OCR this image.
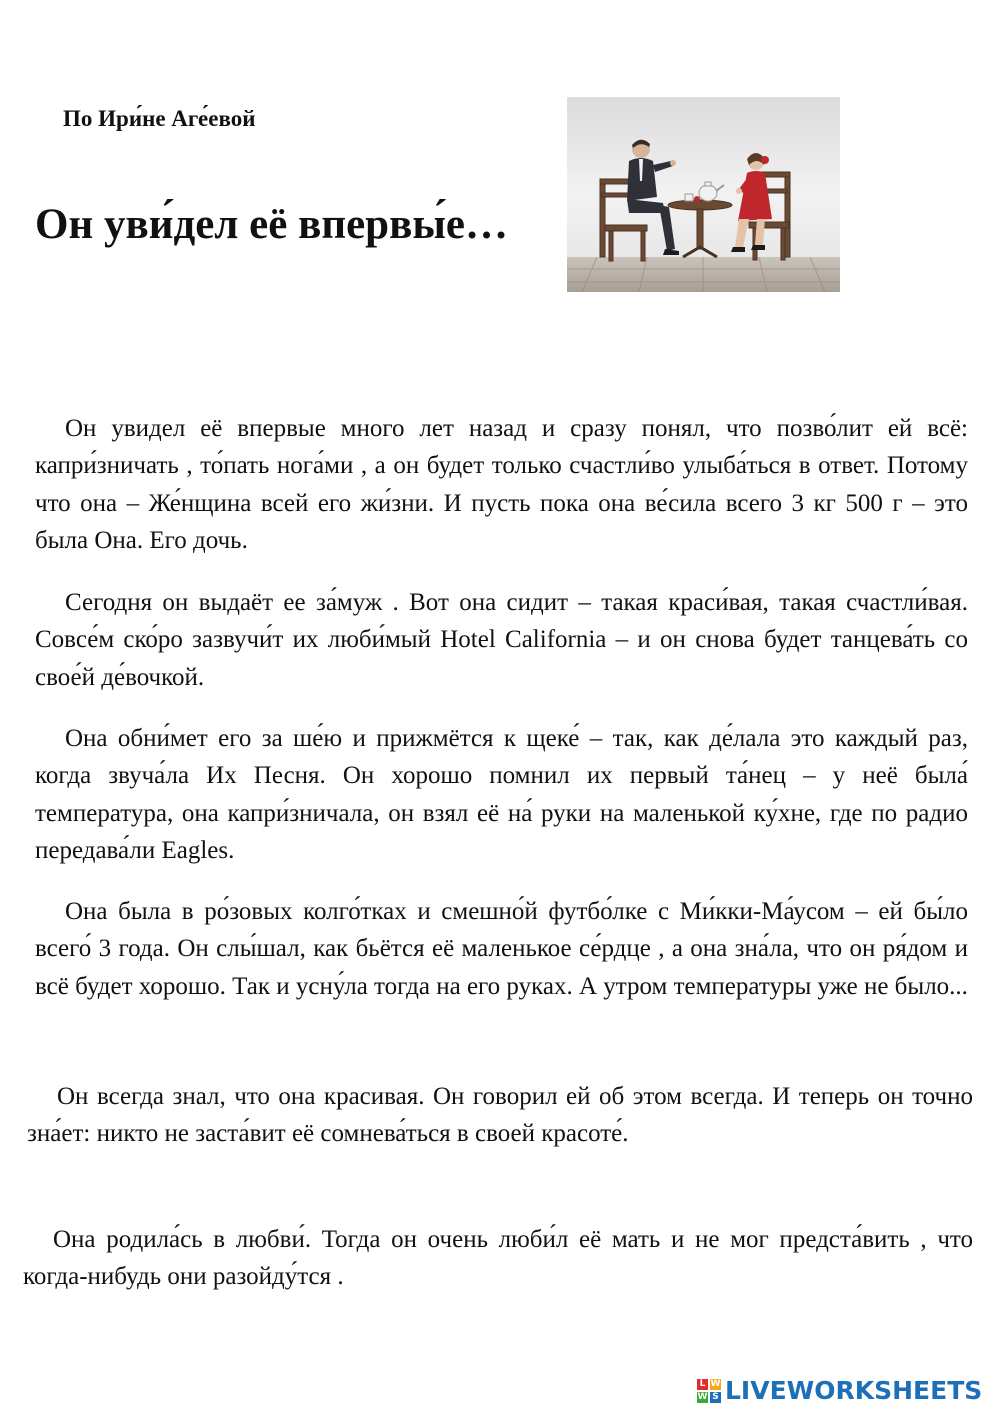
По Ири́не Аге́евой
Он уви́дел её впервы́е…

Он увидел её впервые много лет назад и сразу понял, что позво́лит ей всё: капри́зничать , то́пать нога́ми , а он будет только счастли́во улыба́ться в ответ. Потому что она – Же́нщина всей его жи́зни. И пусть пока она ве́сила всего 3 кг 500 г – это была Она. Его дочь.

Сегодня он выдаёт ее за́муж . Вот она сидит – такая краси́вая, такая счастли́вая. Совсе́м ско́ро зазвучи́т их люби́мый Hotel California – и он снова будет танцева́ть со свое́й де́вочкой.

Она обни́мет его за ше́ю и прижмётся к щеке́ – так, как де́лала это каждый раз, когда звуча́ла Их Песня. Он хорошо помнил их первый та́нец – у неё была́ температура, она капри́зничала, он взял её на́ руки на маленькой ку́хне, где по радио передава́ли Eagles.

Она была в ро́зовых колго́тках и смешно́й футбо́лке с Ми́кки-Ма́усом – ей бы́ло всего́ 3 года. Он слы́шал, как бьётся её маленькое се́рдце , а она зна́ла, что он ря́дом и всё будет хорошо. Так и усну́ла тогда на его руках. А утром температуры уже не было...

Он всегда знал, что она красивая. Он говорил ей об этом всегда. И теперь он точно зна́ет: никто не заста́вит её сомнева́ться в своей красоте́.

Она родила́сь в любви́. Тогда он очень люби́л её мать и не мог предста́вить , что когда-нибудь они разойду́тся .

L W
W S LIVEWORKSHEETS
